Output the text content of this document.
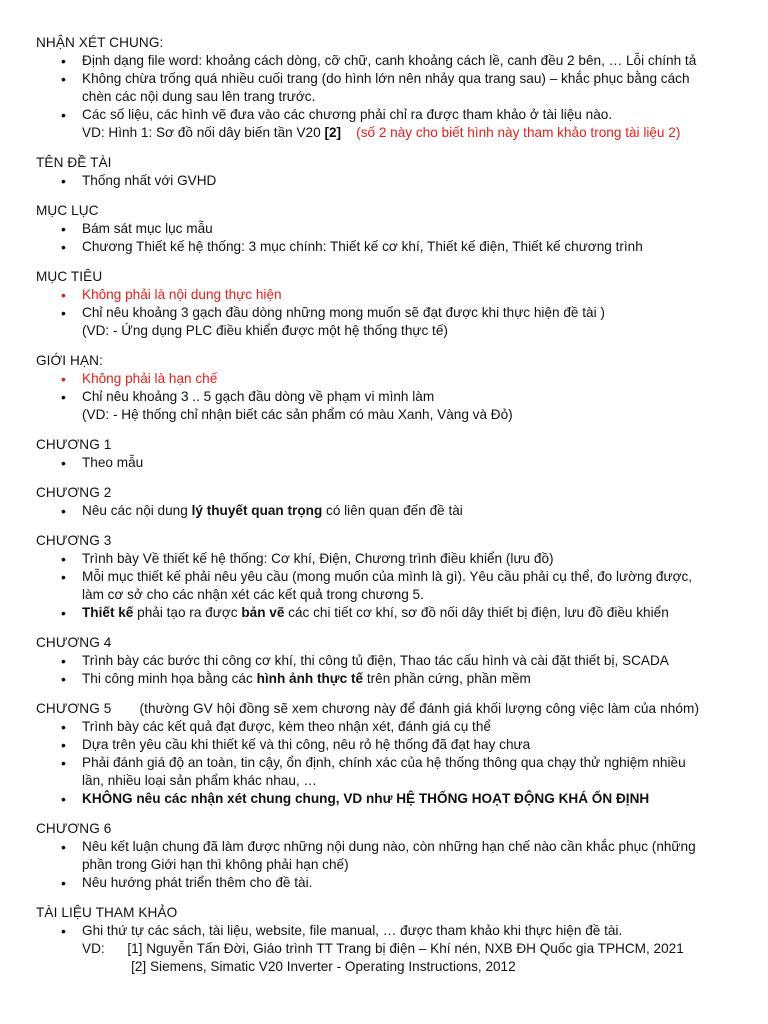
NHẬN XÉT CHUNG:

• Định dạng file word: khoảng cách dòng, cỡ chữ, canh khoảng cách lề, canh đều 2 bên, … Lỗi chính tả
• Không chừa trống quá nhiều cuối trang (do hình lớn nên nhảy qua trang sau) – khắc phục bằng cách
chèn các nội dung sau lên trang trước.
• Các số liệu, các hình vẽ đưa vào các chương phải chỉ ra được tham khảo ở tài liệu nào.
VD: Hình 1: Sơ đồ nối dây biến tần V20 [2] (số 2 này cho biết hình này tham khảo trong tài liệu 2)

TÊN ĐỀ TÀI

• Thống nhất với GVHD

MỤC LỤC

• Bám sát mục lục mẫu
• Chương Thiết kế hệ thống: 3 mục chính: Thiết kế cơ khí, Thiết kế điện, Thiết kế chương trình

MỤC TIÊU

• Không phải là nội dung thực hiện
• Chỉ nêu khoảng 3 gạch đầu dòng những mong muốn sẽ đạt được khi thực hiện đề tài )
(VD: - Ứng dụng PLC điều khiển được một hệ thống thực tế)

GIỚI HẠN:

• Không phải là hạn chế
• Chỉ nêu khoảng 3 .. 5 gạch đầu dòng về phạm vi mình làm
(VD: - Hệ thống chỉ nhận biết các sản phẩm có màu Xanh, Vàng và Đỏ)

CHƯƠNG 1

• Theo mẫu

CHƯƠNG 2

• Nêu các nội dung lý thuyết quan trọng có liên quan đến đề tài

CHƯƠNG 3

• Trình bày Về thiết kế hệ thống: Cơ khí, Điện, Chương trình điều khiển (lưu đồ)
• Mỗi mục thiết kế phải nêu yêu cầu (mong muốn của mình là gì). Yêu cầu phải cụ thể, đo lường được,
làm cơ sở cho các nhận xét các kết quả trong chương 5.
• Thiết kế phải tạo ra được bản vẽ các chi tiết cơ khí, sơ đồ nối dây thiết bị điện, lưu đồ điều khiển

CHƯƠNG 4

• Trình bày các bước thi công cơ khí, thi công tủ điện, Thao tác cấu hình và cài đặt thiết bị, SCADA
• Thi công minh họa bằng các hình ảnh thực tế trên phần cứng, phần mềm

CHƯƠNG 5 (thường GV hội đồng sẽ xem chương này để đánh giá khối lượng công việc làm của nhóm)

• Trình bày các kết quả đạt được, kèm theo nhận xét, đánh giá cụ thể
• Dựa trên yêu cầu khi thiết kế và thi công, nêu rỏ hệ thống đã đạt hay chưa
• Phải đánh giá độ an toàn, tin cậy, ổn định, chính xác của hệ thống thông qua chạy thử nghiệm nhiều
lần, nhiều loại sản phẩm khác nhau, …
• KHÔNG nêu các nhận xét chung chung, VD như HỆ THỐNG HOẠT ĐỘNG KHÁ ỔN ĐỊNH

CHƯƠNG 6

• Nêu kết luận chung đã làm được những nội dung nào, còn những hạn chế nào cần khắc phục (những
phần trong Giới hạn thì không phải hạn chế)
• Nêu hướng phát triển thêm cho đề tài.

TÀI LIỆU THAM KHẢO

• Ghi thứ tự các sách, tài liệu, website, file manual, … được tham khảo khi thực hiện đề tài.
VD:      [1] Nguyễn Tấn Đời, Giáo trình TT Trang bị điện – Khí nén, NXB ĐH Quốc gia TPHCM, 2021
[2] Siemens, Simatic V20 Inverter - Operating Instructions, 2012
